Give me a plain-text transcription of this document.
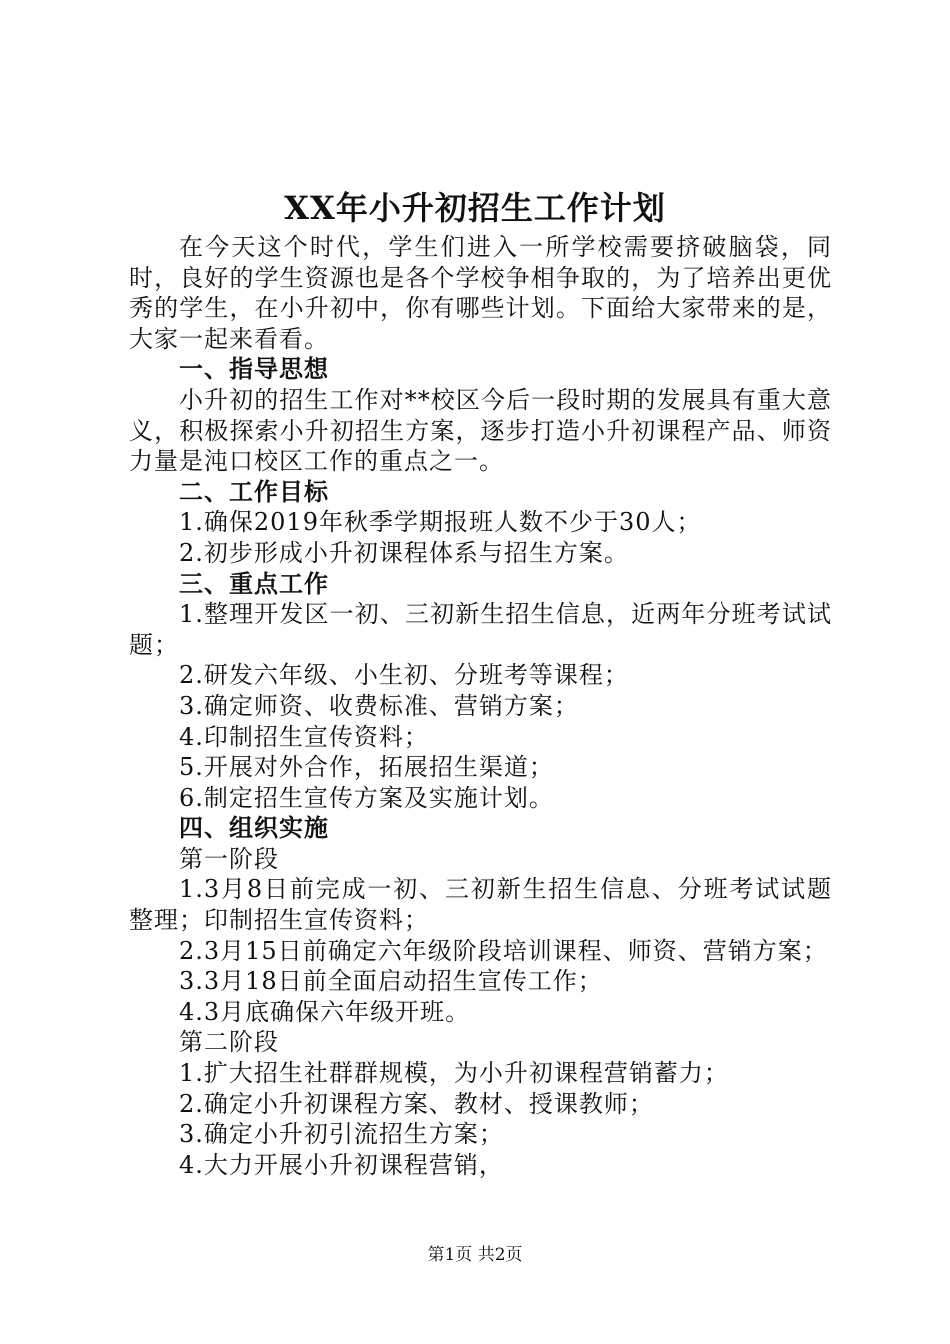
XX年小升初招生工作计划

在今天这个时代，学生们进入一所学校需要挤破脑袋，同时，良好的学生资源也是各个学校争相争取的，为了培养出更优秀的学生，在小升初中，你有哪些计划。下面给大家带来的是，大家一起来看看。

一、指导思想

小升初的招生工作对**校区今后一段时期的发展具有重大意义，积极探索小升初招生方案，逐步打造小升初课程产品、师资力量是沌口校区工作的重点之一。

二、工作目标

1.确保2019年秋季学期报班人数不少于30人；

2.初步形成小升初课程体系与招生方案。

三、重点工作

1.整理开发区一初、三初新生招生信息，近两年分班考试试题；

2.研发六年级、小生初、分班考等课程；

3.确定师资、收费标准、营销方案；

4.印制招生宣传资料；

5.开展对外合作，拓展招生渠道；

6.制定招生宣传方案及实施计划。

四、组织实施

第一阶段

1.3月8日前完成一初、三初新生招生信息、分班考试试题整理；印制招生宣传资料；

2.3月15日前确定六年级阶段培训课程、师资、营销方案；

3.3月18日前全面启动招生宣传工作；

4.3月底确保六年级开班。

第二阶段

1.扩大招生社群群规模，为小升初课程营销蓄力；

2.确定小升初课程方案、教材、授课教师；

3.确定小升初引流招生方案；

4.大力开展小升初课程营销，

第1页 共2页
